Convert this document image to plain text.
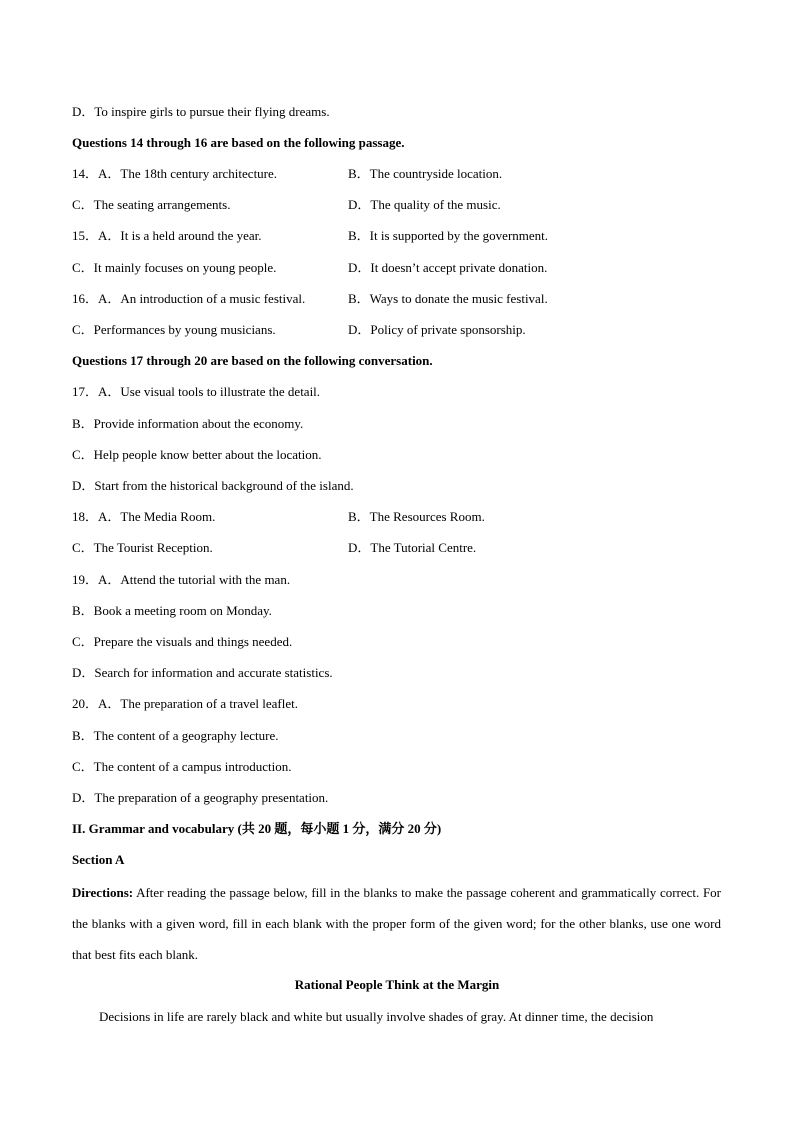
D．To inspire girls to pursue their flying dreams.
Questions 14 through 16 are based on the following passage.
14．A．The 18th century architecture.	B．The countryside location.
C．The seating arrangements.	D．The quality of the music.
15．A．It is a held around the year.	B．It is supported by the government.
C．It mainly focuses on young people.	D．It doesn’t accept private donation.
16．A．An introduction of a music festival.	B．Ways to donate the music festival.
C．Performances by young musicians.	D．Policy of private sponsorship.
Questions 17 through 20 are based on the following conversation.
17．A．Use visual tools to illustrate the detail.
B．Provide information about the economy.
C．Help people know better about the location.
D．Start from the historical background of the island.
18．A．The Media Room.	B．The Resources Room.
C．The Tourist Reception.	D．The Tutorial Centre.
19．A．Attend the tutorial with the man.
B．Book a meeting room on Monday.
C．Prepare the visuals and things needed.
D．Search for information and accurate statistics.
20．A．The preparation of a travel leaflet.
B．The content of a geography lecture.
C．The content of a campus introduction.
D．The preparation of a geography presentation.
II. Grammar and vocabulary (共 20 题，每小题 1 分，满分 20 分)
Section A
Directions: After reading the passage below, fill in the blanks to make the passage coherent and grammatically correct. For the blanks with a given word, fill in each blank with the proper form of the given word; for the other blanks, use one word that best fits each blank.
Rational People Think at the Margin
Decisions in life are rarely black and white but usually involve shades of gray. At dinner time, the decision
